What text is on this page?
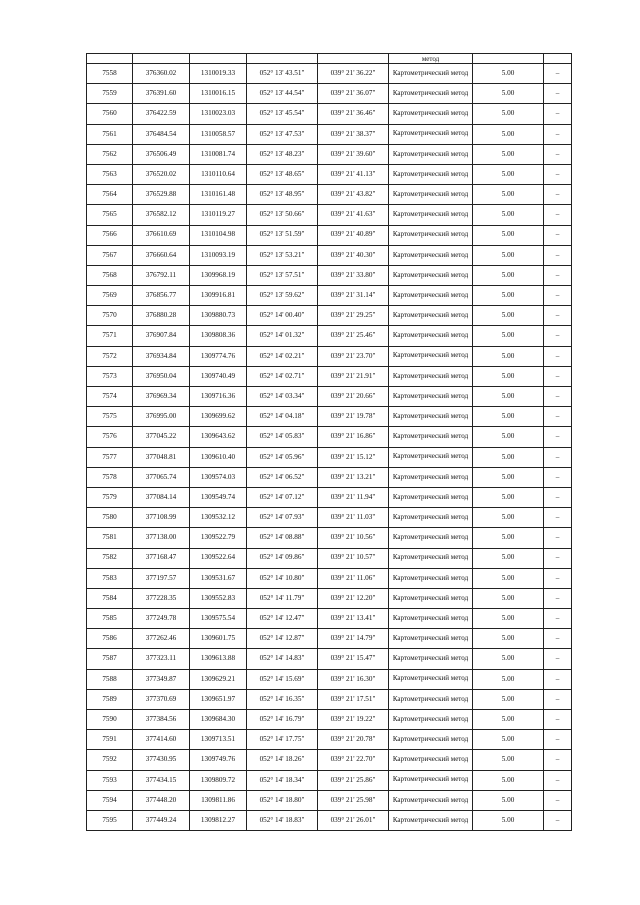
					метод		
7558	376360.02	1310019.33	052° 13' 43.51"	039° 21' 36.22"	Картометрический метод	5.00	–
7559	376391.60	1310016.15	052° 13' 44.54"	039° 21' 36.07"	Картометрический метод	5.00	–
7560	376422.59	1310023.03	052° 13' 45.54"	039° 21' 36.46"	Картометрический метод	5.00	–
7561	376484.54	1310058.57	052° 13' 47.53"	039° 21' 38.37"	Картометрический метод	5.00	–
7562	376506.49	1310081.74	052° 13' 48.23"	039° 21' 39.60"	Картометрический метод	5.00	–
7563	376520.02	1310110.64	052° 13' 48.65"	039° 21' 41.13"	Картометрический метод	5.00	–
7564	376529.88	1310161.48	052° 13' 48.95"	039° 21' 43.82"	Картометрический метод	5.00	–
7565	376582.12	1310119.27	052° 13' 50.66"	039° 21' 41.63"	Картометрический метод	5.00	–
7566	376610.69	1310104.98	052° 13' 51.59"	039° 21' 40.89"	Картометрический метод	5.00	–
7567	376660.64	1310093.19	052° 13' 53.21"	039° 21' 40.30"	Картометрический метод	5.00	–
7568	376792.11	1309968.19	052° 13' 57.51"	039° 21' 33.80"	Картометрический метод	5.00	–
7569	376856.77	1309916.81	052° 13' 59.62"	039° 21' 31.14"	Картометрический метод	5.00	–
7570	376880.28	1309880.73	052° 14' 00.40"	039° 21' 29.25"	Картометрический метод	5.00	–
7571	376907.84	1309808.36	052° 14' 01.32"	039° 21' 25.46"	Картометрический метод	5.00	–
7572	376934.84	1309774.76	052° 14' 02.21"	039° 21' 23.70"	Картометрический метод	5.00	–
7573	376950.04	1309740.49	052° 14' 02.71"	039° 21' 21.91"	Картометрический метод	5.00	–
7574	376969.34	1309716.36	052° 14' 03.34"	039° 21' 20.66"	Картометрический метод	5.00	–
7575	376995.00	1309699.62	052° 14' 04.18"	039° 21' 19.78"	Картометрический метод	5.00	–
7576	377045.22	1309643.62	052° 14' 05.83"	039° 21' 16.86"	Картометрический метод	5.00	–
7577	377048.81	1309610.40	052° 14' 05.96"	039° 21' 15.12"	Картометрический метод	5.00	–
7578	377065.74	1309574.03	052° 14' 06.52"	039° 21' 13.21"	Картометрический метод	5.00	–
7579	377084.14	1309549.74	052° 14' 07.12"	039° 21' 11.94"	Картометрический метод	5.00	–
7580	377108.99	1309532.12	052° 14' 07.93"	039° 21' 11.03"	Картометрический метод	5.00	–
7581	377138.00	1309522.79	052° 14' 08.88"	039° 21' 10.56"	Картометрический метод	5.00	–
7582	377168.47	1309522.64	052° 14' 09.86"	039° 21' 10.57"	Картометрический метод	5.00	–
7583	377197.57	1309531.67	052° 14' 10.80"	039° 21' 11.06"	Картометрический метод	5.00	–
7584	377228.35	1309552.83	052° 14' 11.79"	039° 21' 12.20"	Картометрический метод	5.00	–
7585	377249.78	1309575.54	052° 14' 12.47"	039° 21' 13.41"	Картометрический метод	5.00	–
7586	377262.46	1309601.75	052° 14' 12.87"	039° 21' 14.79"	Картометрический метод	5.00	–
7587	377323.11	1309613.88	052° 14' 14.83"	039° 21' 15.47"	Картометрический метод	5.00	–
7588	377349.87	1309629.21	052° 14' 15.69"	039° 21' 16.30"	Картометрический метод	5.00	–
7589	377370.69	1309651.97	052° 14' 16.35"	039° 21' 17.51"	Картометрический метод	5.00	–
7590	377384.56	1309684.30	052° 14' 16.79"	039° 21' 19.22"	Картометрический метод	5.00	–
7591	377414.60	1309713.51	052° 14' 17.75"	039° 21' 20.78"	Картометрический метод	5.00	–
7592	377430.95	1309749.76	052° 14' 18.26"	039° 21' 22.70"	Картометрический метод	5.00	–
7593	377434.15	1309809.72	052° 14' 18.34"	039° 21' 25.86"	Картометрический метод	5.00	–
7594	377448.20	1309811.86	052° 14' 18.80"	039° 21' 25.98"	Картометрический метод	5.00	–
7595	377449.24	1309812.27	052° 14' 18.83"	039° 21' 26.01"	Картометрический метод	5.00	–
